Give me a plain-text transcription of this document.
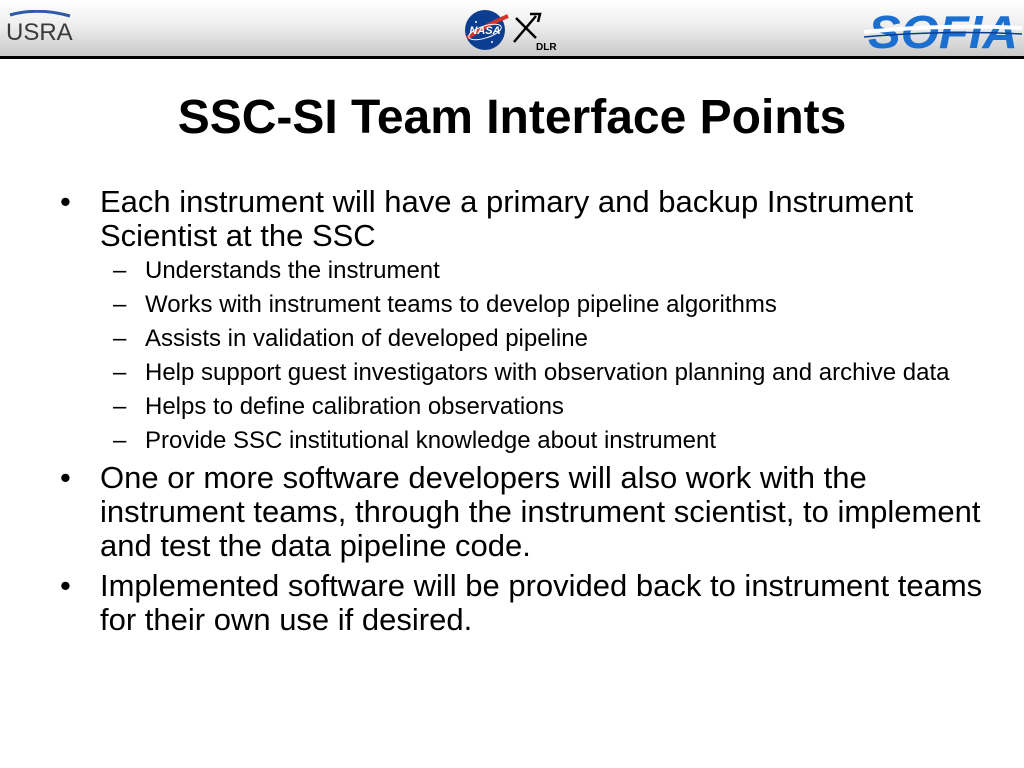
USRA	NASA
DLR	SOFIA
SSC-SI Team Interface Points
• Each instrument will have a primary and backup Instrument Scientist at the SSC
– Understands the instrument
– Works with instrument teams to develop pipeline algorithms
– Assists in validation of developed pipeline
– Help support guest investigators with observation planning and archive data
– Helps to define calibration observations
– Provide SSC institutional knowledge about instrument
• One or more software developers will also work with the instrument teams, through the instrument scientist, to implement and test the data pipeline code.
• Implemented software will be provided back to instrument teams for their own use if desired.
